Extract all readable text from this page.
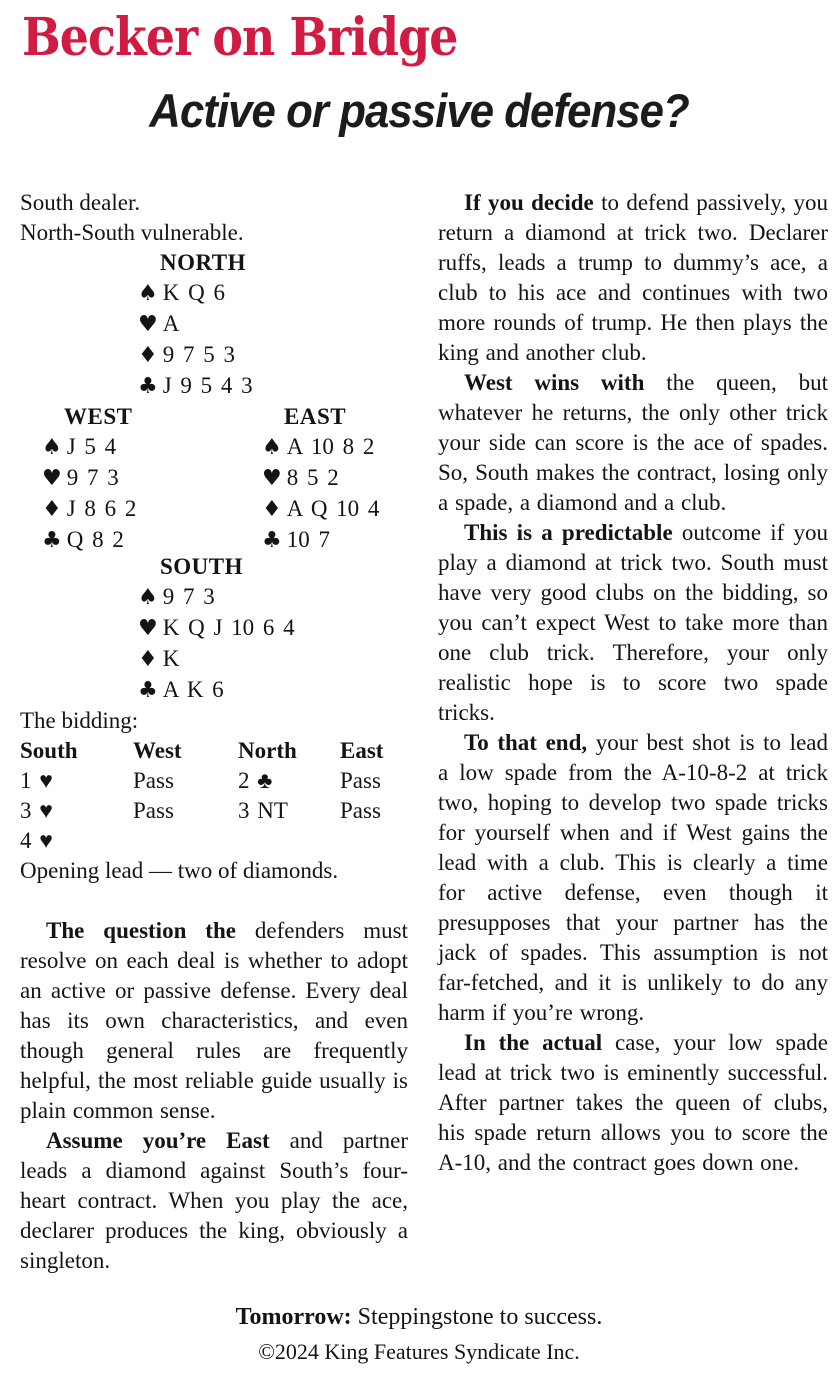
Becker on Bridge
Active or passive defense?
South dealer.
North-South vulnerable.
NORTH
♠ K Q 6
♥ A
♦ 9 7 5 3
♣ J 9 5 4 3
WEST
♠ J 5 4
♥ 9 7 3
♦ J 8 6 2
♣ Q 8 2
EAST
♠ A 10 8 2
♥ 8 5 2
♦ A Q 10 4
♣ 10 7
SOUTH
♠ 9 7 3
♥ K Q J 10 6 4
♦ K
♣ A K 6
The bidding:
South	West	North	East
1 ♥	Pass	2 ♣	Pass
3 ♥	Pass	3 NT	Pass
4 ♥
Opening lead — two of diamonds.

The question the defenders must resolve on each deal is whether to adopt an active or passive defense. Every deal has its own characteristics, and even though general rules are frequently helpful, the most reliable guide usually is plain common sense.

Assume you’re East and partner leads a diamond against South’s four-heart contract. When you play the ace, declarer produces the king, obviously a singleton.

If you decide to defend passively, you return a diamond at trick two. Declarer ruffs, leads a trump to dummy’s ace, a club to his ace and continues with two more rounds of trump. He then plays the king and another club.

West wins with the queen, but whatever he returns, the only other trick your side can score is the ace of spades. So, South makes the contract, losing only a spade, a diamond and a club.

This is a predictable outcome if you play a diamond at trick two. South must have very good clubs on the bidding, so you can’t expect West to take more than one club trick. Therefore, your only realistic hope is to score two spade tricks.

To that end, your best shot is to lead a low spade from the A-10-8-2 at trick two, hoping to develop two spade tricks for yourself when and if West gains the lead with a club. This is clearly a time for active defense, even though it presupposes that your partner has the jack of spades. This assumption is not far-fetched, and it is unlikely to do any harm if you’re wrong.

In the actual case, your low spade lead at trick two is eminently successful. After partner takes the queen of clubs, his spade return allows you to score the A-10, and the contract goes down one.

Tomorrow: Steppingstone to success.
©2024 King Features Syndicate Inc.
